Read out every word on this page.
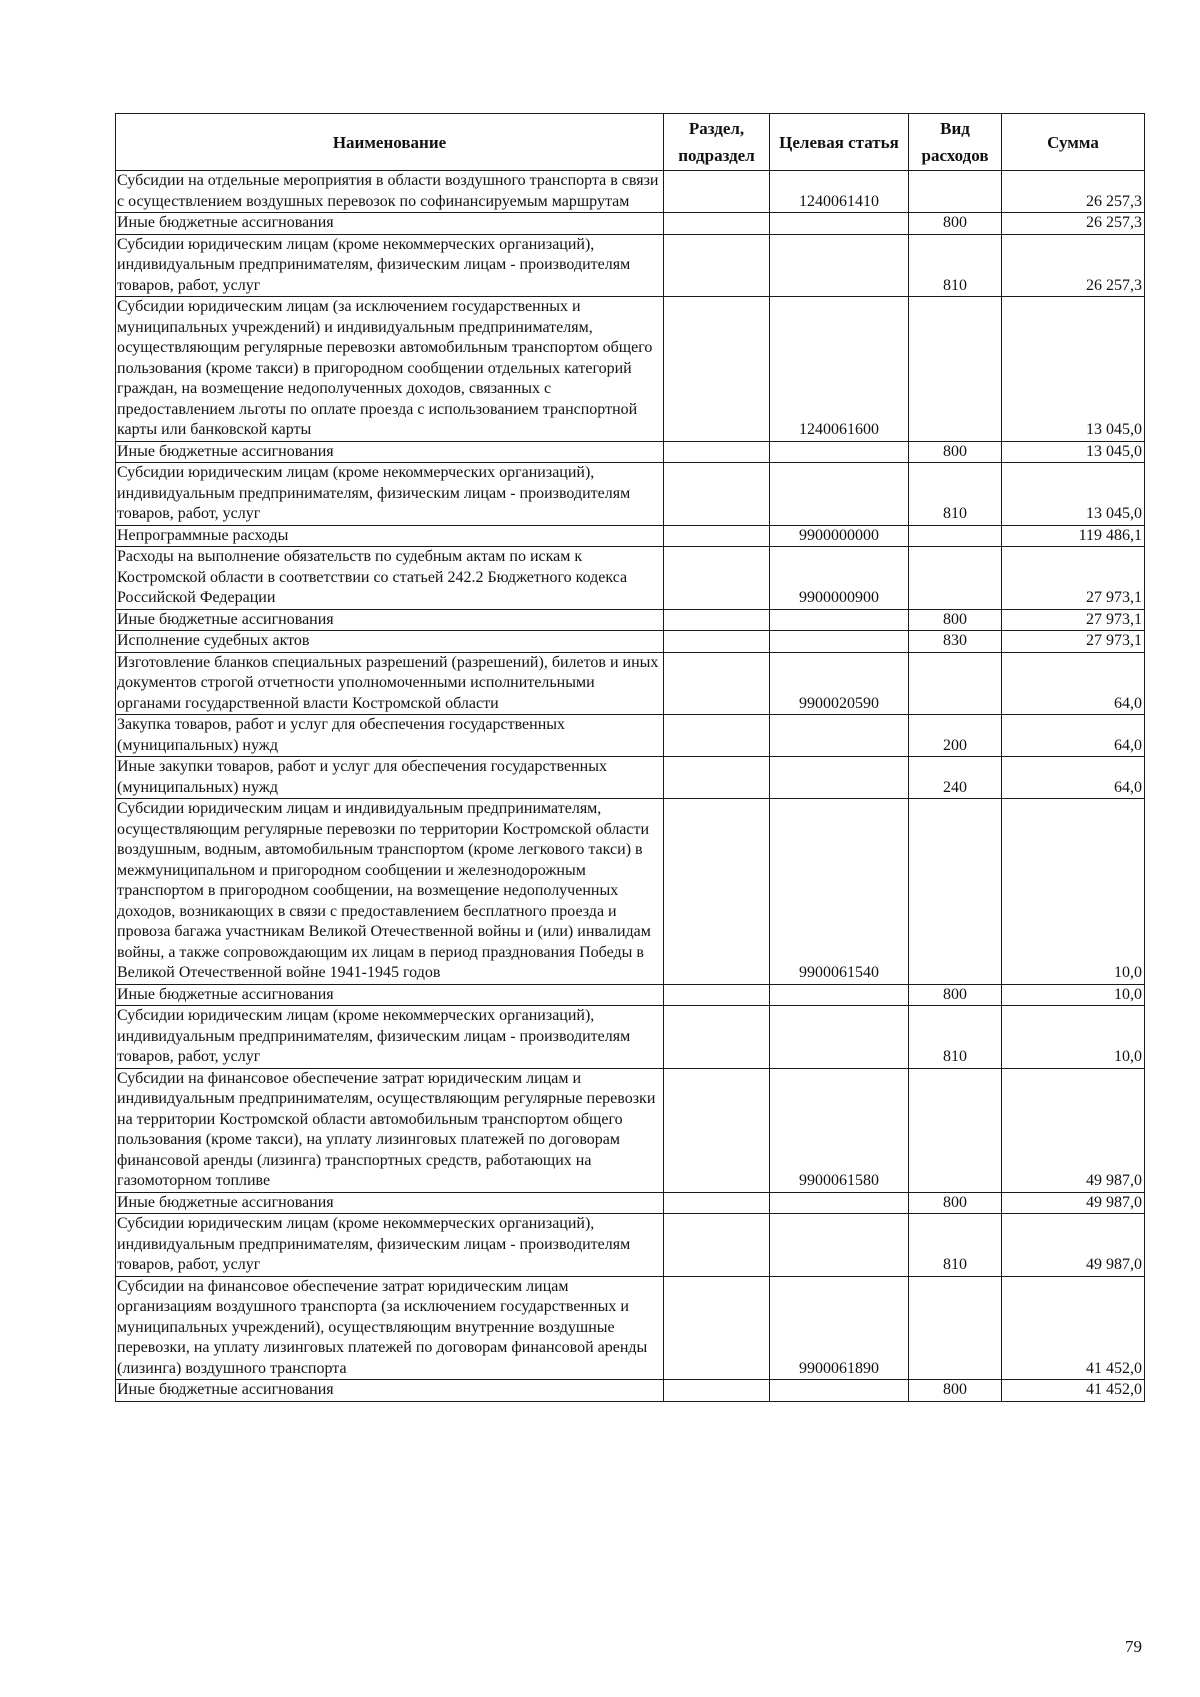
Наименование	Раздел, подраздел	Целевая статья	Вид расходов	Сумма
Субсидии на отдельные мероприятия в области воздушного транспорта в связи с осуществлением воздушных перевозок по софинансируемым маршрутам		1240061410		26 257,3
Иные бюджетные ассигнования			800	26 257,3
Субсидии юридическим лицам (кроме некоммерческих организаций), индивидуальным предпринимателям, физическим лицам - производителям товаров, работ, услуг			810	26 257,3
Субсидии юридическим лицам (за исключением государственных и муниципальных учреждений) и индивидуальным предпринимателям, осуществляющим регулярные перевозки автомобильным транспортом общего пользования (кроме такси) в пригородном сообщении отдельных категорий граждан, на возмещение недополученных доходов, связанных с предоставлением льготы по оплате проезда с использованием транспортной карты или банковской карты		1240061600		13 045,0
Иные бюджетные ассигнования			800	13 045,0
Субсидии юридическим лицам (кроме некоммерческих организаций), индивидуальным предпринимателям, физическим лицам - производителям товаров, работ, услуг			810	13 045,0
Непрограммные расходы		9900000000		119 486,1
Расходы на выполнение обязательств по судебным актам по искам к Костромской области в соответствии со статьей 242.2 Бюджетного кодекса Российской Федерации		9900000900		27 973,1
Иные бюджетные ассигнования			800	27 973,1
Исполнение судебных актов			830	27 973,1
Изготовление бланков специальных разрешений (разрешений), билетов и иных документов строгой отчетности уполномоченными исполнительными органами государственной власти Костромской области		9900020590		64,0
Закупка товаров, работ и услуг для обеспечения государственных (муниципальных) нужд			200	64,0
Иные закупки товаров, работ и услуг для обеспечения государственных (муниципальных) нужд			240	64,0
Субсидии юридическим лицам и индивидуальным предпринимателям, осуществляющим регулярные перевозки по территории Костромской области воздушным, водным, автомобильным транспортом (кроме легкового такси) в межмуниципальном и пригородном сообщении и железнодорожным транспортом в пригородном сообщении, на возмещение недополученных доходов, возникающих в связи с предоставлением бесплатного проезда и провоза багажа участникам Великой Отечественной войны и (или) инвалидам войны, а также сопровождающим их лицам в период празднования Победы в Великой Отечественной войне 1941-1945 годов		9900061540		10,0
Иные бюджетные ассигнования			800	10,0
Субсидии юридическим лицам (кроме некоммерческих организаций), индивидуальным предпринимателям, физическим лицам - производителям товаров, работ, услуг			810	10,0
Субсидии на финансовое обеспечение затрат юридическим лицам и индивидуальным предпринимателям, осуществляющим регулярные перевозки на территории Костромской области автомобильным транспортом общего пользования (кроме такси), на уплату лизинговых платежей по договорам финансовой аренды (лизинга) транспортных средств, работающих на газомоторном топливе		9900061580		49 987,0
Иные бюджетные ассигнования			800	49 987,0
Субсидии юридическим лицам (кроме некоммерческих организаций), индивидуальным предпринимателям, физическим лицам - производителям товаров, работ, услуг			810	49 987,0
Субсидии на финансовое обеспечение затрат юридическим лицам организациям воздушного транспорта (за исключением государственных и муниципальных учреждений), осуществляющим внутренние воздушные перевозки, на уплату лизинговых платежей по договорам финансовой аренды (лизинга) воздушного транспорта		9900061890		41 452,0
Иные бюджетные ассигнования			800	41 452,0
79
